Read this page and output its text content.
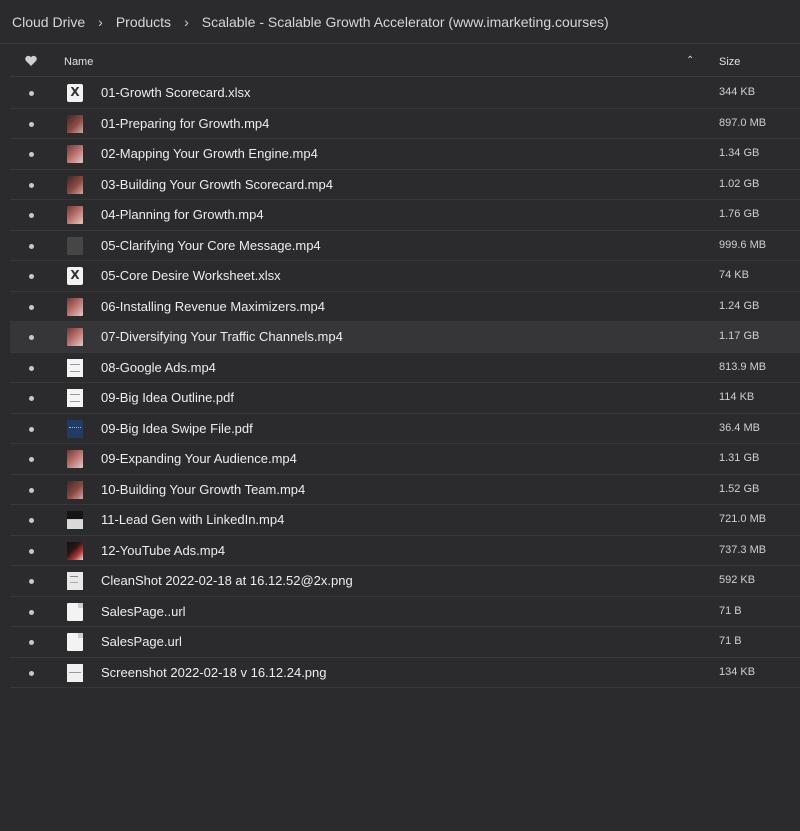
Cloud Drive › Products › Scalable - Scalable Growth Accelerator (www.imarketing.courses)
Name	⌃ Size
X
01-Growth Scorecard.xlsx	344 KB
01-Preparing for Growth.mp4	897.0 MB
02-Mapping Your Growth Engine.mp4	1.34 GB
03-Building Your Growth Scorecard.mp4	1.02 GB
04-Planning for Growth.mp4	1.76 GB
05-Clarifying Your Core Message.mp4	999.6 MB
X
05-Core Desire Worksheet.xlsx	74 KB
06-Installing Revenue Maximizers.mp4	1.24 GB
07-Diversifying Your Traffic Channels.mp4	1.17 GB
08-Google Ads.mp4	813.9 MB
09-Big Idea Outline.pdf	114 KB
09-Big Idea Swipe File.pdf	36.4 MB
09-Expanding Your Audience.mp4	1.31 GB
10-Building Your Growth Team.mp4	1.52 GB
11-Lead Gen with LinkedIn.mp4	721.0 MB
12-YouTube Ads.mp4	737.3 MB
CleanShot 2022-02-18 at 16.12.52@2x.png	592 KB
SalesPage..url	71 B
SalesPage.url	71 B
Screenshot 2022-02-18 v 16.12.24.png	134 KB
